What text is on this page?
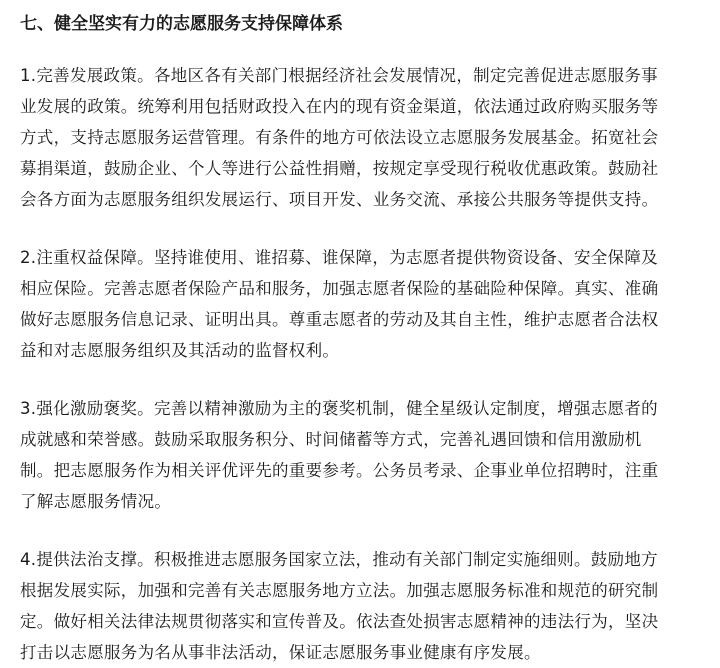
七、健全坚实有力的志愿服务支持保障体系

1.完善发展政策。各地区各有关部门根据经济社会发展情况，制定完善促进志愿服务事
业发展的政策。统筹利用包括财政投入在内的现有资金渠道，依法通过政府购买服务等
方式，支持志愿服务运营管理。有条件的地方可依法设立志愿服务发展基金。拓宽社会
募捐渠道，鼓励企业、个人等进行公益性捐赠，按规定享受现行税收优惠政策。鼓励社
会各方面为志愿服务组织发展运行、项目开发、业务交流、承接公共服务等提供支持。

2.注重权益保障。坚持谁使用、谁招募、谁保障，为志愿者提供物资设备、安全保障及
相应保险。完善志愿者保险产品和服务，加强志愿者保险的基础险种保障。真实、准确
做好志愿服务信息记录、证明出具。尊重志愿者的劳动及其自主性，维护志愿者合法权
益和对志愿服务组织及其活动的监督权利。

3.强化激励褒奖。完善以精神激励为主的褒奖机制，健全星级认定制度，增强志愿者的
成就感和荣誉感。鼓励采取服务积分、时间储蓄等方式，完善礼遇回馈和信用激励机
制。把志愿服务作为相关评优评先的重要参考。公务员考录、企事业单位招聘时，注重
了解志愿服务情况。

4.提供法治支撑。积极推进志愿服务国家立法，推动有关部门制定实施细则。鼓励地方
根据发展实际，加强和完善有关志愿服务地方立法。加强志愿服务标准和规范的研究制
定。做好相关法律法规贯彻落实和宣传普及。依法查处损害志愿精神的违法行为，坚决
打击以志愿服务为名从事非法活动，保证志愿服务事业健康有序发展。
